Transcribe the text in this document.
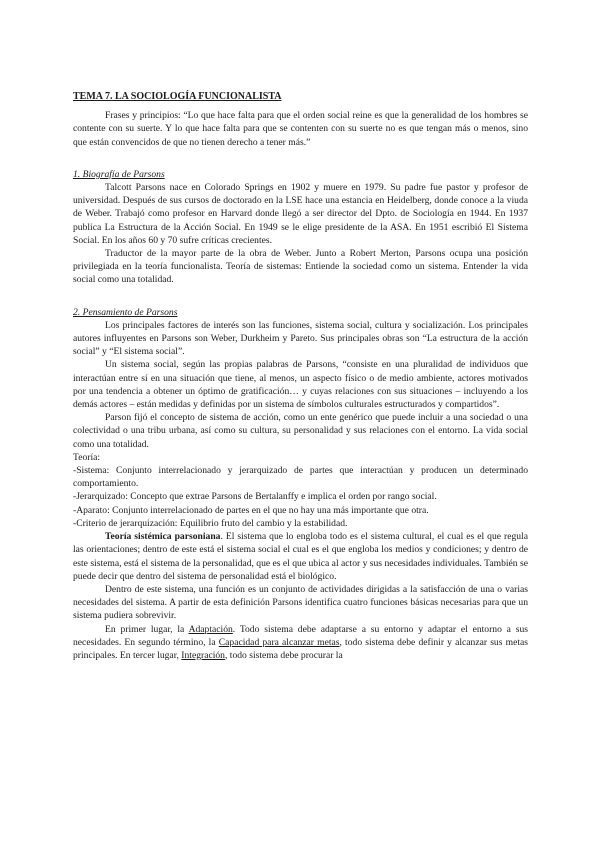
TEMA 7. LA SOCIOLOGÍA FUNCIONALISTA

Frases y principios: “Lo que hace falta para que el orden social reine es que la generalidad de los hombres se contente con su suerte. Y lo que hace falta para que se contenten con su suerte no es que tengan más o menos, sino que están convencidos de que no tienen derecho a tener más.”

1. Biografía de Parsons

Talcott Parsons nace en Colorado Springs en 1902 y muere en 1979. Su padre fue pastor y profesor de universidad. Después de sus cursos de doctorado en la LSE hace una estancia en Heidelberg, donde conoce a la viuda de Weber. Trabajó como profesor en Harvard donde llegó a ser director del Dpto. de Sociología en 1944. En 1937 publica La Estructura de la Acción Social. En 1949 se le elige presidente de la ASA. En 1951 escribió El Sistema Social. En los años 60 y 70 sufre críticas crecientes.

Traductor de la mayor parte de la obra de Weber. Junto a Robert Merton, Parsons ocupa una posición privilegiada en la teoría funcionalista. Teoría de sistemas: Entiende la sociedad como un sistema. Entender la vida social como una totalidad.

2. Pensamiento de Parsons

Los principales factores de interés son las funciones, sistema social, cultura y socialización. Los principales autores influyentes en Parsons son Weber, Durkheim y Pareto. Sus principales obras son “La estructura de la acción social” y “El sistema social”.

Un sistema social, según las propias palabras de Parsons, “consiste en una pluralidad de individuos que interactúan entre sí en una situación que tiene, al menos, un aspecto físico o de medio ambiente, actores motivados por una tendencia a obtener un óptimo de gratificación… y cuyas relaciones con sus situaciones – incluyendo a los demás actores – están medidas y definidas por un sistema de símbolos culturales estructurados y compartidos”.

Parson fijó el concepto de sistema de acción, como un ente genérico que puede incluir a una sociedad o una colectividad o una tribu urbana, así como su cultura, su personalidad y sus relaciones con el entorno. La vida social como una totalidad.

Teoría:

-Sistema: Conjunto interrelacionado y jerarquizado de partes que interactúan y producen un determinado comportamiento.

-Jerarquizado: Concepto que extrae Parsons de Bertalanffy e implica el orden por rango social.

-Aparato: Conjunto interrelacionado de partes en el que no hay una más importante que otra.

-Criterio de jerarquización: Equilibrio fruto del cambio y la estabilidad.

Teoría sistémica parsoniana. El sistema que lo engloba todo es el sistema cultural, el cual es el que regula las orientaciones; dentro de este está el sistema social el cual es el que engloba los medios y condiciones; y dentro de este sistema, está el sistema de la personalidad, que es el que ubica al actor y sus necesidades individuales. También se puede decir que dentro del sistema de personalidad está el biológico.

Dentro de este sistema, una función es un conjunto de actividades dirigidas a la satisfacción de una o varias necesidades del sistema. A partir de esta definición Parsons identifica cuatro funciones básicas necesarias para que un sistema pudiera sobrevivir.

En primer lugar, la Adaptación. Todo sistema debe adaptarse a su entorno y adaptar el entorno a sus necesidades. En segundo término, la Capacidad para alcanzar metas, todo sistema debe definir y alcanzar sus metas principales. En tercer lugar, Integración, todo sistema debe procurar la
